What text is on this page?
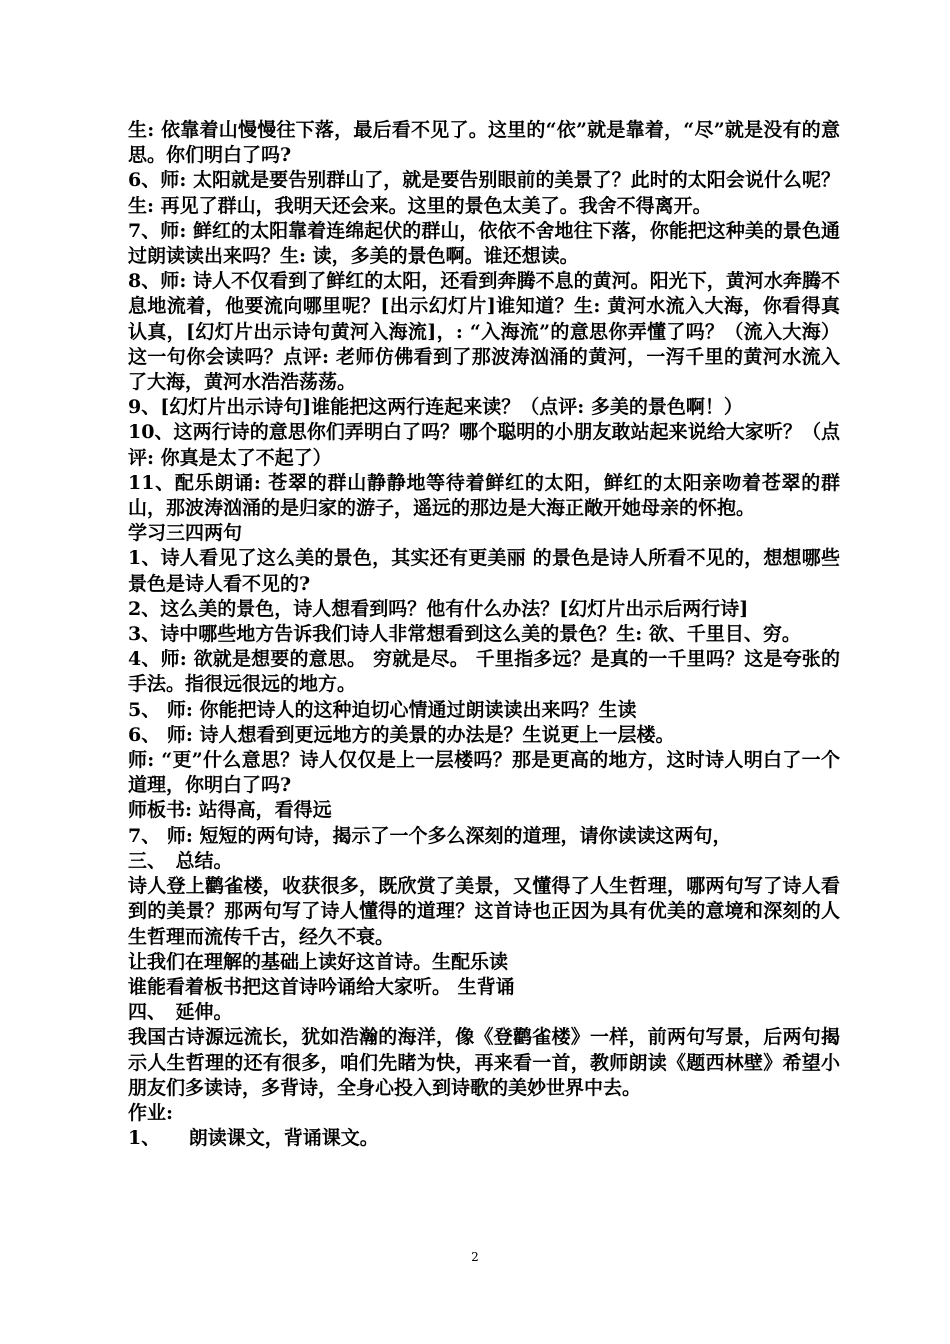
生: 依靠着山慢慢往下落，最后看不见了。这里的“依”就是靠着，“尽”就是没有的意思。你们明白了吗?

6、师: 太阳就是要告别群山了，就是要告别眼前的美景了？此时的太阳会说什么呢？生: 再见了群山，我明天还会来。这里的景色太美了。我舍不得离开。

7、师: 鲜红的太阳靠着连绵起伏的群山，依依不舍地往下落，你能把这种美的景色通过朗读读出来吗？生: 读，多美的景色啊。谁还想读。

8、师: 诗人不仅看到了鲜红的太阳，还看到奔腾不息的黄河。阳光下，黄河水奔腾不息地流着，他要流向哪里呢？[出示幻灯片]谁知道？生: 黄河水流入大海，你看得真认真，[幻灯片出示诗句黄河入海流]，: “入海流”的意思你弄懂了吗？（流入大海）这一句你会读吗？点评: 老师仿佛看到了那波涛汹涌的黄河，一泻千里的黄河水流入了大海，黄河水浩浩荡荡。

9、[幻灯片出示诗句]谁能把这两行连起来读？（点评: 多美的景色啊！）

10、这两行诗的意思你们弄明白了吗？哪个聪明的小朋友敢站起来说给大家听？（点评: 你真是太了不起了）

11、配乐朗诵: 苍翠的群山静静地等待着鲜红的太阳，鲜红的太阳亲吻着苍翠的群山，那波涛汹涌的是归家的游子，遥远的那边是大海正敞开她母亲的怀抱。

学习三四两句

1、诗人看见了这么美的景色，其实还有更美丽 的景色是诗人所看不见的，想想哪些景色是诗人看不见的?

2、这么美的景色，诗人想看到吗？他有什么办法？[幻灯片出示后两行诗]

3、诗中哪些地方告诉我们诗人非常想看到这么美的景色？生: 欲、千里目、穷。

4、师: 欲就是想要的意思。 穷就是尽。 千里指多远？是真的一千里吗？这是夸张的手法。指很远很远的地方。

5、 师: 你能把诗人的这种迫切心情通过朗读读出来吗？生读

6、 师: 诗人想看到更远地方的美景的办法是？生说更上一层楼。

师: “更”什么意思？诗人仅仅是上一层楼吗？那是更高的地方，这时诗人明白了一个道理，你明白了吗?

师板书: 站得高，看得远

7、 师: 短短的两句诗，揭示了一个多么深刻的道理，请你读读这两句，

三、　总结。

诗人登上鹳雀楼，收获很多，既欣赏了美景，又懂得了人生哲理，哪两句写了诗人看到的美景？那两句写了诗人懂得的道理？这首诗也正因为具有优美的意境和深刻的人生哲理而流传千古，经久不衰。

让我们在理解的基础上读好这首诗。生配乐读

谁能看着板书把这首诗吟诵给大家听。 生背诵

四、　延伸。

我国古诗源远流长，犹如浩瀚的海洋，像《登鹳雀楼》一样，前两句写景，后两句揭示人生哲理的还有很多，咱们先睹为快，再来看一首，教师朗读《题西林壁》希望小朋友们多读诗，多背诗，全身心投入到诗歌的美妙世界中去。

作业:

1、　　朗读课文，背诵课文。

2
